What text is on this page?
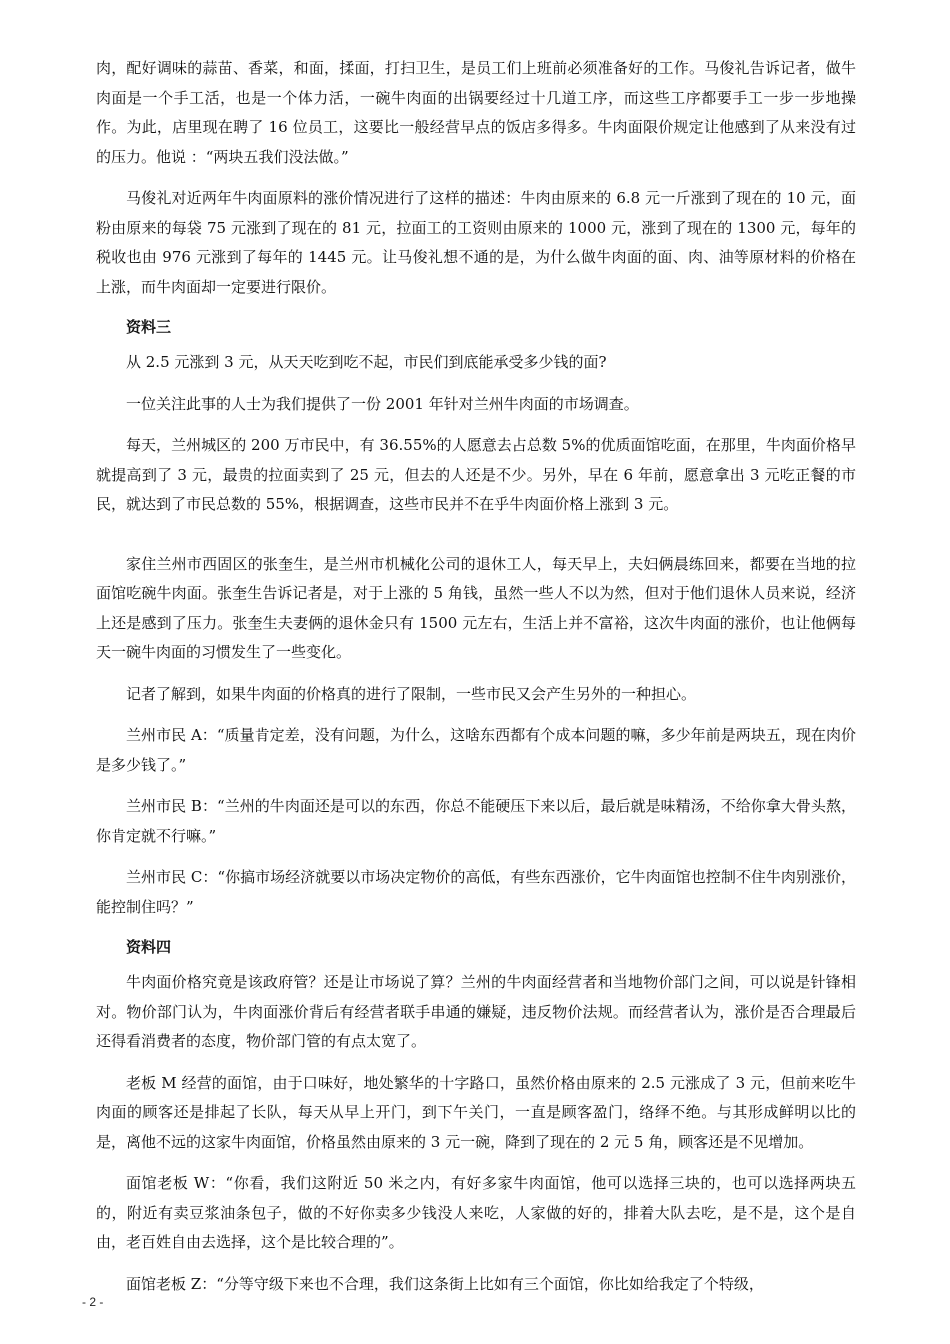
肉，配好调味的蒜苗、香菜，和面，揉面，打扫卫生，是员工们上班前必须准备好的工作。马俊礼告诉记者，做牛肉面是一个手工活，也是一个体力活，一碗牛肉面的出锅要经过十几道工序，而这些工序都要手工一步一步地操作。为此，店里现在聘了 16 位员工，这要比一般经营早点的饭店多得多。牛肉面限价规定让他感到了从来没有过的压力。他说 ：“两块五我们没法做。”

马俊礼对近两年牛肉面原料的涨价情况进行了这样的描述：牛肉由原来的 6.8 元一斤涨到了现在的 10 元，面粉由原来的每袋 75 元涨到了现在的 81 元，拉面工的工资则由原来的 1000 元，涨到了现在的 1300 元，每年的税收也由 976 元涨到了每年的 1445 元。让马俊礼想不通的是，为什么做牛肉面的面、肉、油等原材料的价格在上涨，而牛肉面却一定要进行限价。

资料三

从 2.5 元涨到 3 元，从天天吃到吃不起，市民们到底能承受多少钱的面?

一位关注此事的人士为我们提供了一份 2001 年针对兰州牛肉面的市场调查。

每天，兰州城区的 200 万市民中，有 36.55%的人愿意去占总数 5%的优质面馆吃面，在那里，牛肉面价格早就提高到了 3 元，最贵的拉面卖到了 25 元，但去的人还是不少。另外，早在 6 年前，愿意拿出 3 元吃正餐的市民，就达到了市民总数的 55%，根据调查，这些市民并不在乎牛肉面价格上涨到 3 元。

家住兰州市西固区的张奎生，是兰州市机械化公司的退休工人，每天早上，夫妇俩晨练回来，都要在当地的拉面馆吃碗牛肉面。张奎生告诉记者是，对于上涨的 5 角钱，虽然一些人不以为然，但对于他们退休人员来说，经济上还是感到了压力。张奎生夫妻俩的退休金只有 1500 元左右，生活上并不富裕，这次牛肉面的涨价，也让他俩每天一碗牛肉面的习惯发生了一些变化。

记者了解到，如果牛肉面的价格真的进行了限制，一些市民又会产生另外的一种担心。

兰州市民 A：“质量肯定差，没有问题，为什么，这啥东西都有个成本问题的嘛，多少年前是两块五，现在肉价是多少钱了。”

兰州市民 B：“兰州的牛肉面还是可以的东西，你总不能硬压下来以后，最后就是味精汤，不给你拿大骨头熬，你肯定就不行嘛。”

兰州市民 C：“你搞市场经济就要以市场决定物价的高低，有些东西涨价，它牛肉面馆也控制不住牛肉别涨价，能控制住吗？”

资料四

牛肉面价格究竟是该政府管？还是让市场说了算？兰州的牛肉面经营者和当地物价部门之间，可以说是针锋相对。物价部门认为，牛肉面涨价背后有经营者联手串通的嫌疑，违反物价法规。而经营者认为，涨价是否合理最后还得看消费者的态度，物价部门管的有点太宽了。

老板 M 经营的面馆，由于口味好，地处繁华的十字路口，虽然价格由原来的 2.5 元涨成了 3 元，但前来吃牛肉面的顾客还是排起了长队，每天从早上开门，到下午关门，一直是顾客盈门，络绎不绝。与其形成鲜明以比的是，离他不远的这家牛肉面馆，价格虽然由原来的 3 元一碗，降到了现在的 2 元 5 角，顾客还是不见增加。

面馆老板 W：“你看，我们这附近 50 米之内，有好多家牛肉面馆，他可以选择三块的，也可以选择两块五的，附近有卖豆浆油条包子，做的不好你卖多少钱没人来吃，人家做的好的，排着大队去吃，是不是，这个是自由，老百姓自由去选择，这个是比较合理的”。

面馆老板 Z：“分等守级下来也不合理，我们这条街上比如有三个面馆，你比如给我定了个特级，

- 2 -
